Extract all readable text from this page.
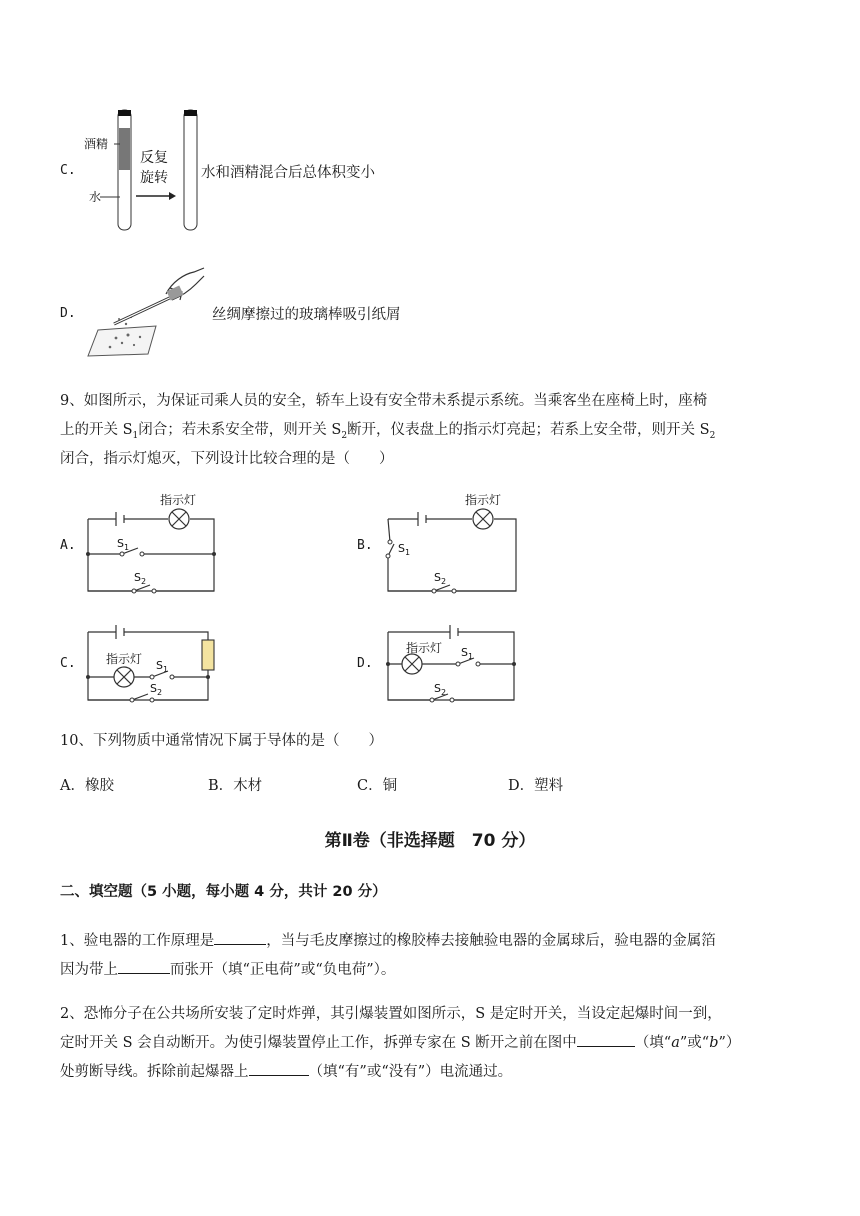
C.
酒精
水
反复
旋转 水和酒精混合后总体积变小
D.	丝绸摩擦过的玻璃棒吸引纸屑
9、如图所示，为保证司乘人员的安全，轿车上设有安全带未系提示系统。当乘客坐在座椅上时，座椅
上的开关 $S_1$闭合；若未系安全带，则开关 $S_2$断开，仪表盘上的指示灯亮起；若系上安全带，则开关 $S_2$
闭合，指示灯熄灭，下列设计比较合理的是（　　）
A.
指示灯
$S_1$
$S_2$
B.
指示灯
$S_1$
$S_2$
C.	指示灯 $S_1$
$S_2$
D.
指示灯 $S_1$
$S_2$
10、下列物质中通常情况下属于导体的是（　　）
A．橡胶	B．木材	C．铜	D．塑料
第Ⅱ卷（非选择题　70 分）
二、填空题（5 小题，每小题 4 分，共计 20 分）
1、验电器的工作原理是	，当与毛皮摩擦过的橡胶棒去接触验电器的金属球后，验电器的金属箔
因为带上	而张开（填“正电荷”或“负电荷”）。
2、恐怖分子在公共场所安装了定时炸弹，其引爆装置如图所示，S 是定时开关，当设定起爆时间一到，
定时开关 S 会自动断开。为使引爆装置停止工作，拆弹专家在 S 断开之前在图中	（填“a”或“b”）
处剪断导线。拆除前起爆器上	（填“有”或“没有”）电流通过。
